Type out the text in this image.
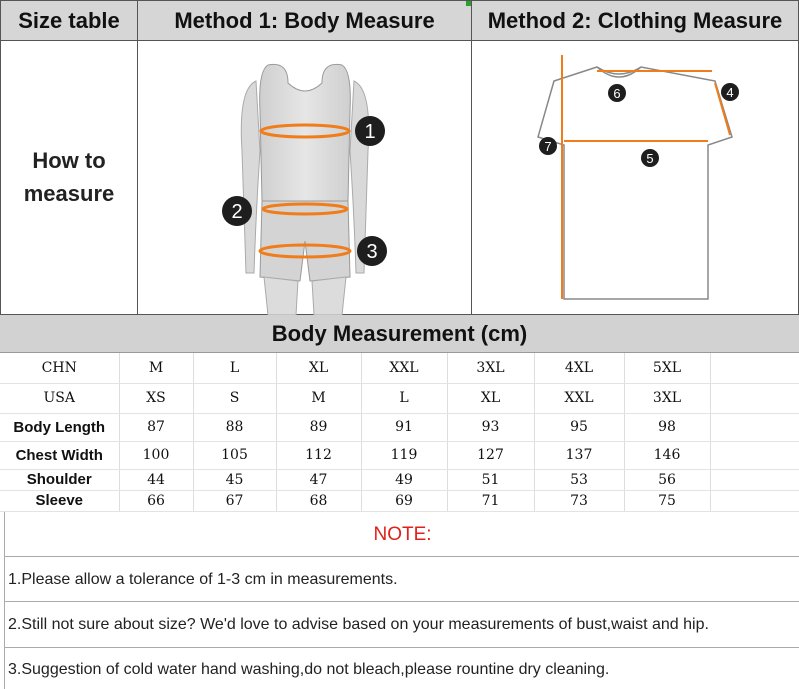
Size table	Method 1: Body Measure	Method 2: Clothing Measure
How to
measure
1
2
3
4
5
6
7
Body Measurement (cm)
CHN	M	L	XL	XXL	3XL	4XL	5XL	
USA	XS	S	M	L	XL	XXL	3XL	
Body Length	87	88	89	91	93	95	98	
Chest Width	100	105	112	119	127	137	146	
Shoulder	44	45	47	49	51	53	56	
Sleeve	66	67	68	69	71	73	75	
NOTE:
1.Please allow a tolerance of 1-3 cm in measurements.
2.Still not sure about size? We'd love to advise based on your measurements of bust,waist and hip.
3.Suggestion of cold water hand washing,do not bleach,please rountine dry cleaning.
